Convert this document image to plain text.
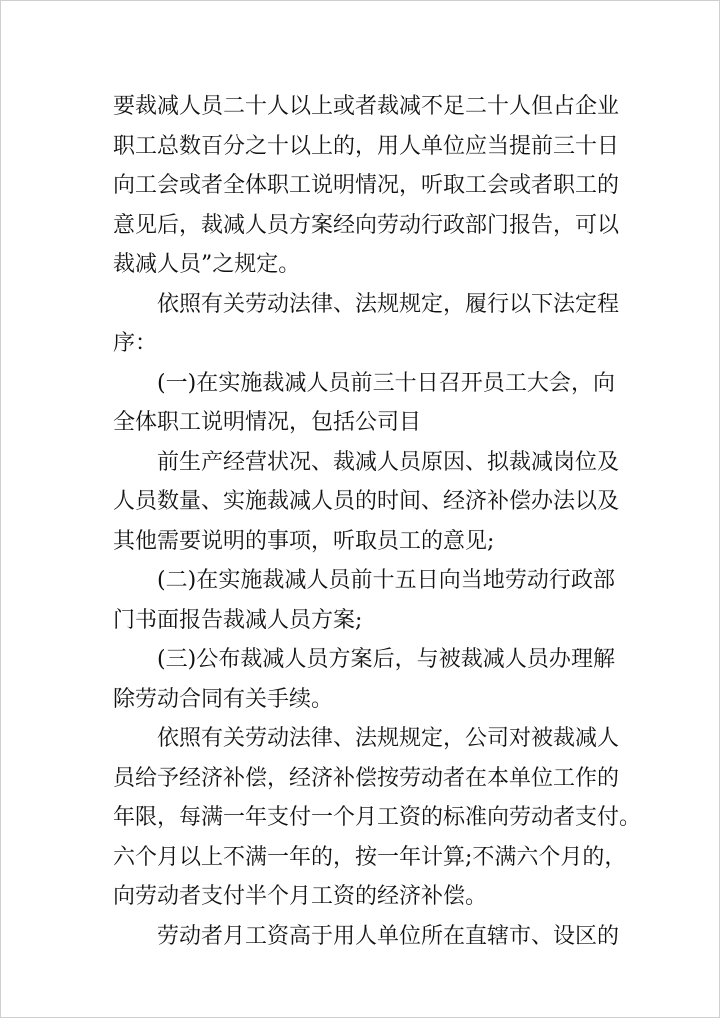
要裁减人员二十人以上或者裁减不足二十人但占企业
职工总数百分之十以上的，用人单位应当提前三十日
向工会或者全体职工说明情况，听取工会或者职工的
意见后，裁减人员方案经向劳动行政部门报告，可以
裁减人员”之规定。
依照有关劳动法律、法规规定，履行以下法定程
序：
(一)在实施裁减人员前三十日召开员工大会，向
全体职工说明情况，包括公司目
前生产经营状况、裁减人员原因、拟裁减岗位及
人员数量、实施裁减人员的时间、经济补偿办法以及
其他需要说明的事项，听取员工的意见;
(二)在实施裁减人员前十五日向当地劳动行政部
门书面报告裁减人员方案;
(三)公布裁减人员方案后，与被裁减人员办理解
除劳动合同有关手续。
依照有关劳动法律、法规规定，公司对被裁减人
员给予经济补偿，经济补偿按劳动者在本单位工作的
年限，每满一年支付一个月工资的标准向劳动者支付。
六个月以上不满一年的，按一年计算;不满六个月的，
向劳动者支付半个月工资的经济补偿。
劳动者月工资高于用人单位所在直辖市、设区的
